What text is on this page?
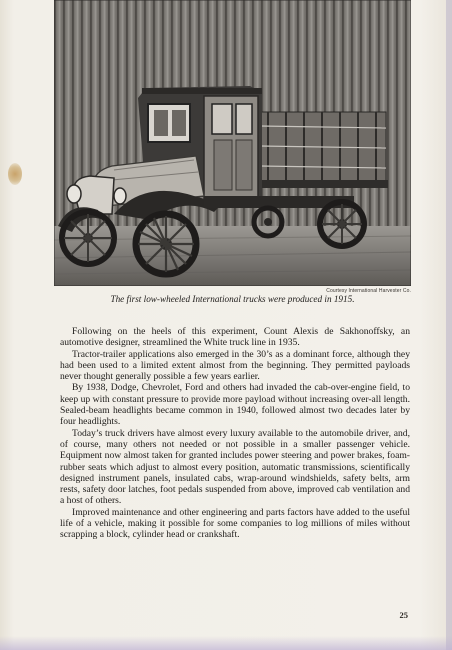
Courtesy International Harvester Co.
The first low-wheeled International trucks were produced in 1915.

Following on the heels of this experiment, Count Alexis de Sakhonoffsky, an automotive designer, streamlined the White truck line in 1935.

Tractor-trailer applications also emerged in the 30’s as a dominant force, although they had been used to a limited extent almost from the beginning. They permitted payloads never thought generally possible a few years earlier.

By 1938, Dodge, Chevrolet, Ford and others had invaded the cab-over-engine field, to keep up with constant pressure to provide more payload without increasing over-all length. Sealed-beam headlights became common in 1940, followed almost two decades later by four headlights.

Today’s truck drivers have almost every luxury available to the automobile driver, and, of course, many others not needed or not possible in a smaller passenger vehicle. Equipment now almost taken for granted includes power steering and power brakes, foam-rubber seats which adjust to almost every position, automatic transmissions, scientifically designed instrument panels, insulated cabs, wrap-around windshields, safety belts, arm rests, safety door latches, foot pedals suspended from above, improved cab ventilation and a host of others.

Improved maintenance and other engineering and parts factors have added to the useful life of a vehicle, making it possible for some companies to log millions of miles without scrapping a block, cylinder head or crankshaft.

25
